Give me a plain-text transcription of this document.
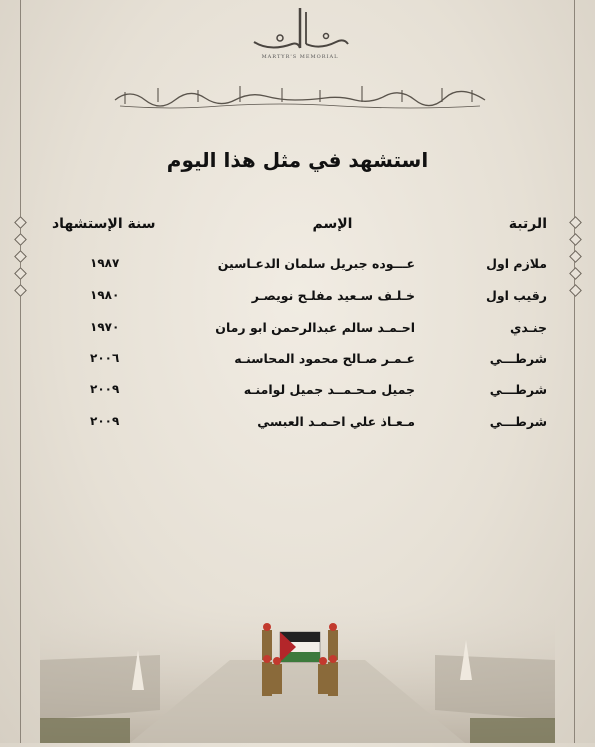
MARTYR'S MEMORIAL
استشهد في مثل هذا اليوم
الرتبة
الإسم
سنة الإستشهاد
ملازم اول
عـــوده جبريل سلمان الدعـاسين
١٩٨٧
رقيب اول
خـلـف سـعيد مفلـح نويصـر
١٩٨٠
جنـدي
احـمـد سالم عبدالرحمن ابو رمان
١٩٧٠
شرطـــي
عـمـر صـالح محمود المحاسنـه
٢٠٠٦
شرطـــي
جميل مـحـمــد جميل لوامنـه
٢٠٠٩
شرطـــي
مـعـاذ علي احـمـد العبسي
٢٠٠٩
